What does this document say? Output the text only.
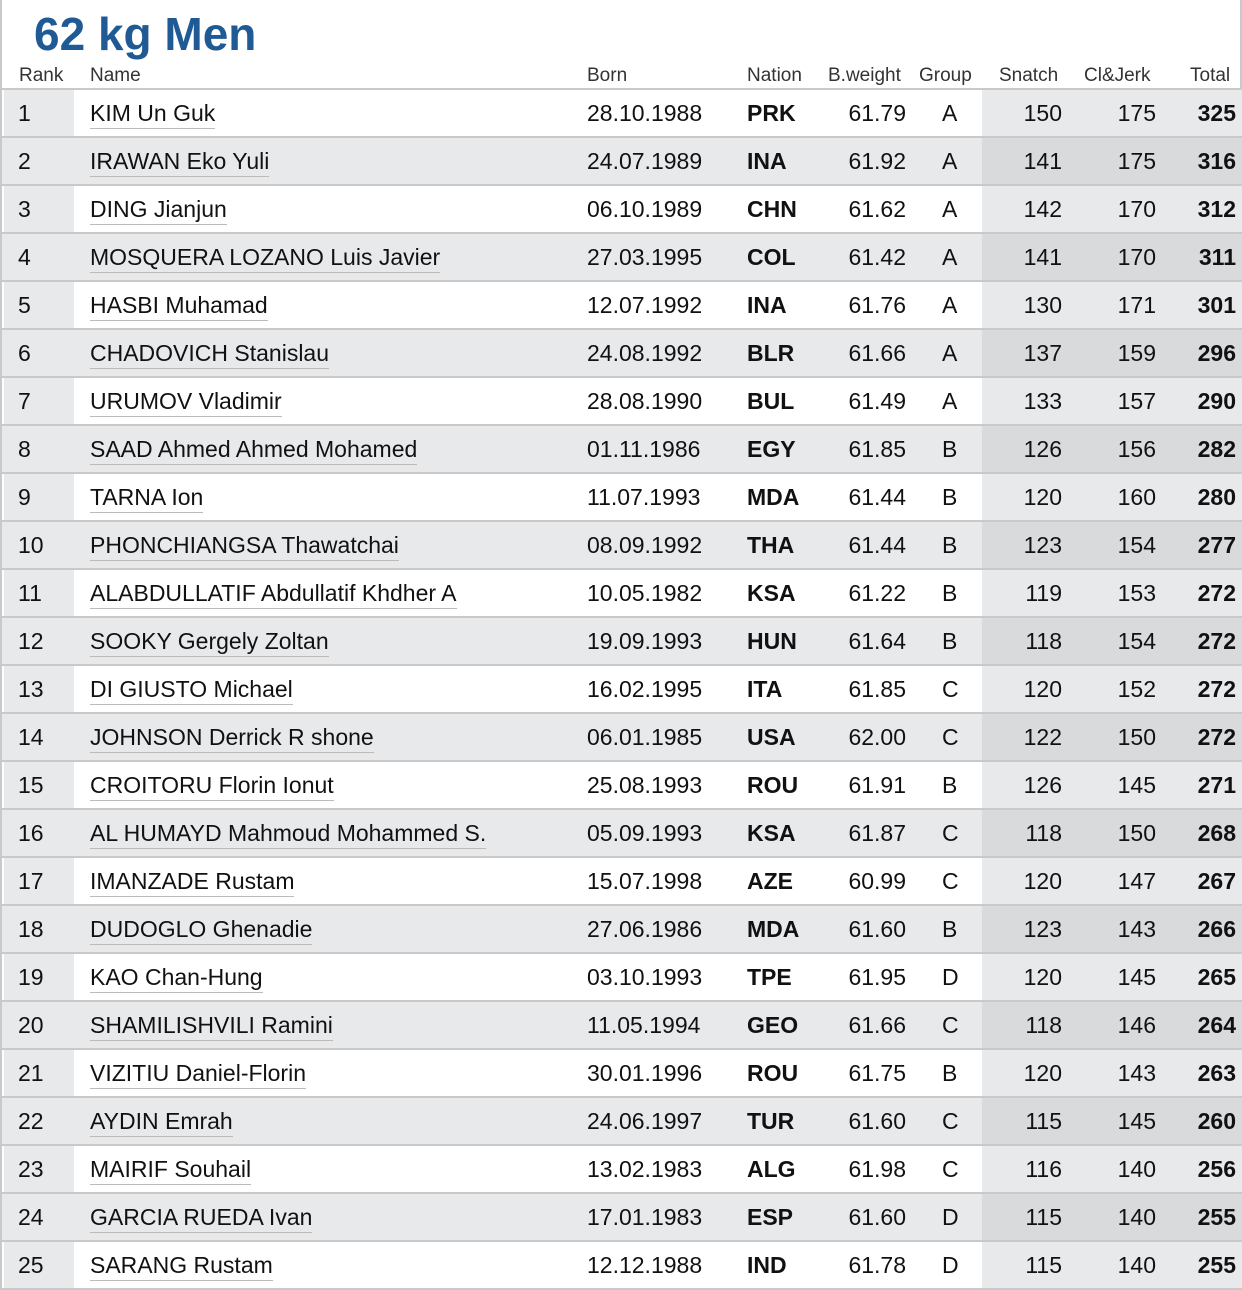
62 kg Men
Rank Name	Born	Nation B.weight Group Snatch Cl&Jerk Total
1	KIM Un Guk	28.10.1988 PRK 61.79 A	150 175 325
2	IRAWAN Eko Yuli	24.07.1989 INA	61.92 A	141 175 316
3	DING Jianjun	06.10.1989 CHN 61.62 A	142 170 312
4	MOSQUERA LOZANO Luis Javier	27.03.1995 COL 61.42 A	141 170 311
5	HASBI Muhamad	12.07.1992 INA	61.76 A	130 171 301
6	CHADOVICH Stanislau	24.08.1992 BLR 61.66 A	137 159 296
7	URUMOV Vladimir	28.08.1990 BUL 61.49 A	133 157 290
8	SAAD Ahmed Ahmed Mohamed	01.11.1986 EGY 61.85 B	126 156 282
9	TARNA Ion	11.07.1993 MDA 61.44 B	120 160 280
10 PHONCHIANGSA Thawatchai	08.09.1992 THA 61.44 B	123 154 277
11 ALABDULLATIF Abdullatif Khdher A	10.05.1982 KSA 61.22 B	119 153 272
12 SOOKY Gergely Zoltan	19.09.1993 HUN 61.64 B	118 154 272
13 DI GIUSTO Michael	16.02.1995 ITA	61.85 C	120 152 272
14 JOHNSON Derrick R shone	06.01.1985 USA 62.00 C	122 150 272
15 CROITORU Florin Ionut	25.08.1993 ROU 61.91 B	126 145 271
16 AL HUMAYD Mahmoud Mohammed S.	05.09.1993 KSA 61.87 C	118 150 268
17 IMANZADE Rustam	15.07.1998 AZE 60.99 C	120 147 267
18 DUDOGLO Ghenadie	27.06.1986 MDA 61.60 B	123 143 266
19 KAO Chan-Hung	03.10.1993 TPE 61.95 D	120 145 265
20 SHAMILISHVILI Ramini	11.05.1994 GEO 61.66 C	118 146 264
21 VIZITIU Daniel-Florin	30.01.1996 ROU 61.75 B	120 143 263
22 AYDIN Emrah	24.06.1997 TUR 61.60 C	115 145 260
23 MAIRIF Souhail	13.02.1983 ALG 61.98 C	116 140 256
24 GARCIA RUEDA Ivan	17.01.1983 ESP 61.60 D	115 140 255
25 SARANG Rustam	12.12.1988 IND	61.78 D	115 140 255
